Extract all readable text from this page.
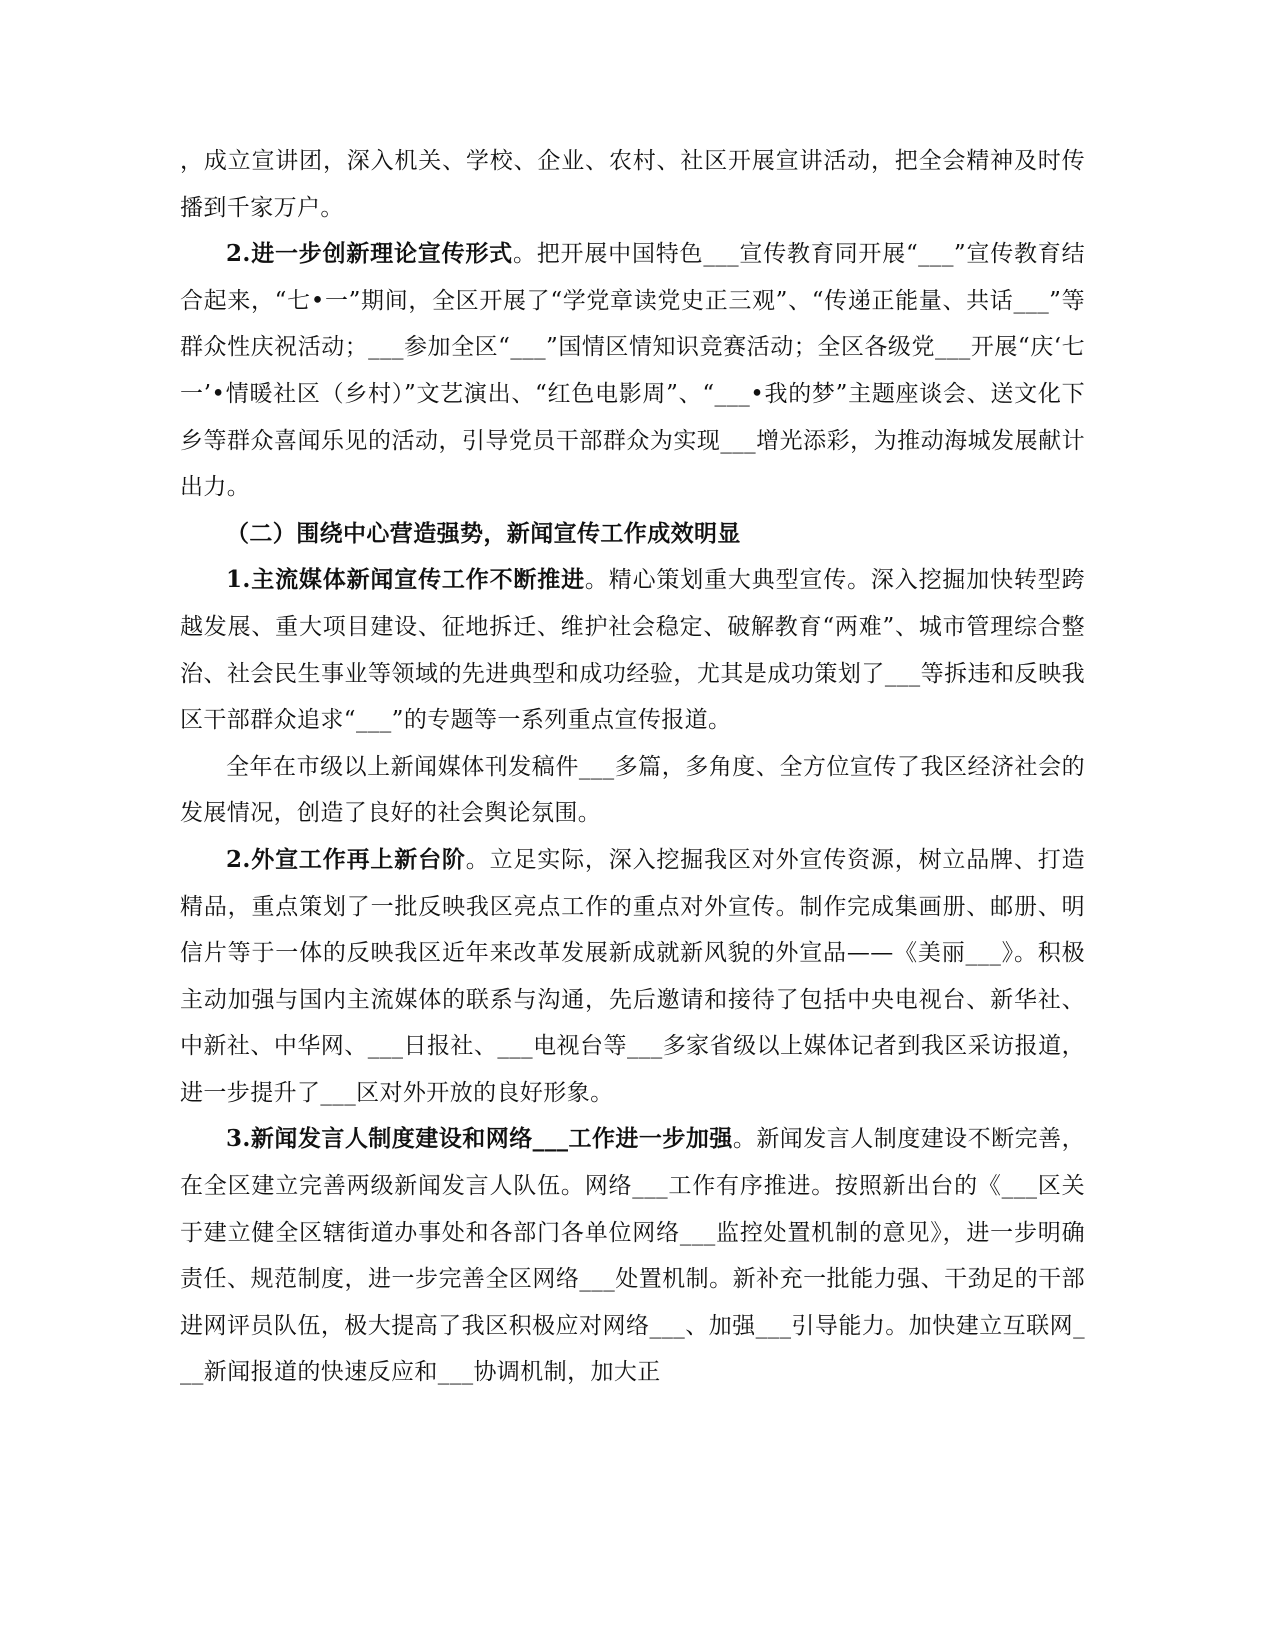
，成立宣讲团，深入机关、学校、企业、农村、社区开展宣讲活动，把全会精神及时传播到千家万户。

2.进一步创新理论宣传形式。把开展中国特色___宣传教育同开展“___”宣传教育结合起来，“七•一”期间，全区开展了“学党章读党史正三观”、“传递正能量、共话___”等群众性庆祝活动；___参加全区“___”国情区情知识竞赛活动；全区各级党___开展“庆‘七一’•情暖社区（乡村）”文艺演出、“红色电影周”、“___•我的梦”主题座谈会、送文化下乡等群众喜闻乐见的活动，引导党员干部群众为实现___增光添彩，为推动海城发展献计出力。

（二）围绕中心营造强势，新闻宣传工作成效明显

1.主流媒体新闻宣传工作不断推进。精心策划重大典型宣传。深入挖掘加快转型跨越发展、重大项目建设、征地拆迁、维护社会稳定、破解教育“两难”、城市管理综合整治、社会民生事业等领域的先进典型和成功经验，尤其是成功策划了___等拆违和反映我区干部群众追求“___”的专题等一系列重点宣传报道。

全年在市级以上新闻媒体刊发稿件___多篇，多角度、全方位宣传了我区经济社会的发展情况，创造了良好的社会舆论氛围。

2.外宣工作再上新台阶。立足实际，深入挖掘我区对外宣传资源，树立品牌、打造精品，重点策划了一批反映我区亮点工作的重点对外宣传。制作完成集画册、邮册、明信片等于一体的反映我区近年来改革发展新成就新风貌的外宣品——《美丽___》。积极主动加强与国内主流媒体的联系与沟通，先后邀请和接待了包括中央电视台、新华社、中新社、中华网、___日报社、___电视台等___多家省级以上媒体记者到我区采访报道，进一步提升了___区对外开放的良好形象。

3.新闻发言人制度建设和网络___工作进一步加强。新闻发言人制度建设不断完善，在全区建立完善两级新闻发言人队伍。网络___工作有序推进。按照新出台的《___区关于建立健全区辖街道办事处和各部门各单位网络___监控处置机制的意见》，进一步明确责任、规范制度，进一步完善全区网络___处置机制。新补充一批能力强、干劲足的干部进网评员队伍，极大提高了我区积极应对网络___、加强___引导能力。加快建立互联网___新闻报道的快速反应和___协调机制，加大正
